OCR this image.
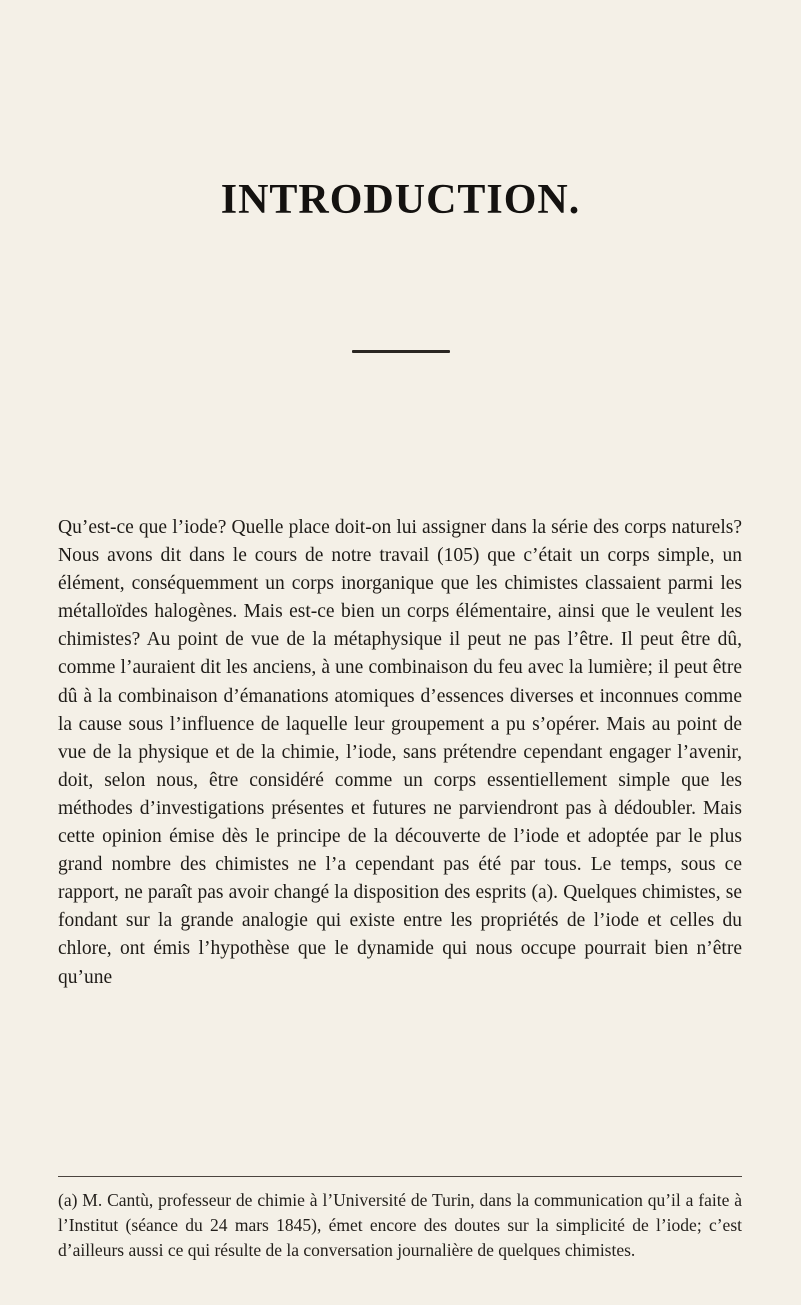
INTRODUCTION.

Qu’est-ce que l’iode? Quelle place doit-on lui assigner dans la série des corps naturels? Nous avons dit dans le cours de notre travail (105) que c’était un corps simple, un élément, conséquemment un corps inorganique que les chimistes classaient parmi les métalloïdes halogènes. Mais est-ce bien un corps élémentaire, ainsi que le veulent les chimistes? Au point de vue de la métaphysique il peut ne pas l’être. Il peut être dû, comme l’auraient dit les anciens, à une combinaison du feu avec la lumière; il peut être dû à la combinaison d’émanations atomiques d’essences diverses et inconnues comme la cause sous l’influence de laquelle leur groupement a pu s’opérer. Mais au point de vue de la physique et de la chimie, l’iode, sans prétendre cependant engager l’avenir, doit, selon nous, être considéré comme un corps essentiellement simple que les méthodes d’investigations présentes et futures ne parviendront pas à dédoubler. Mais cette opinion émise dès le principe de la découverte de l’iode et adoptée par le plus grand nombre des chimistes ne l’a cependant pas été par tous. Le temps, sous ce rapport, ne paraît pas avoir changé la disposition des esprits (a). Quelques chimistes, se fondant sur la grande analogie qui existe entre les propriétés de l’iode et celles du chlore, ont émis l’hypothèse que le dynamide qui nous occupe pourrait bien n’être qu’une

(a) M. Cantù, professeur de chimie à l’Université de Turin, dans la communication qu’il a faite à l’Institut (séance du 24 mars 1845), émet encore des doutes sur la simplicité de l’iode; c’est d’ailleurs aussi ce qui résulte de la conversation journalière de quelques chimistes.
